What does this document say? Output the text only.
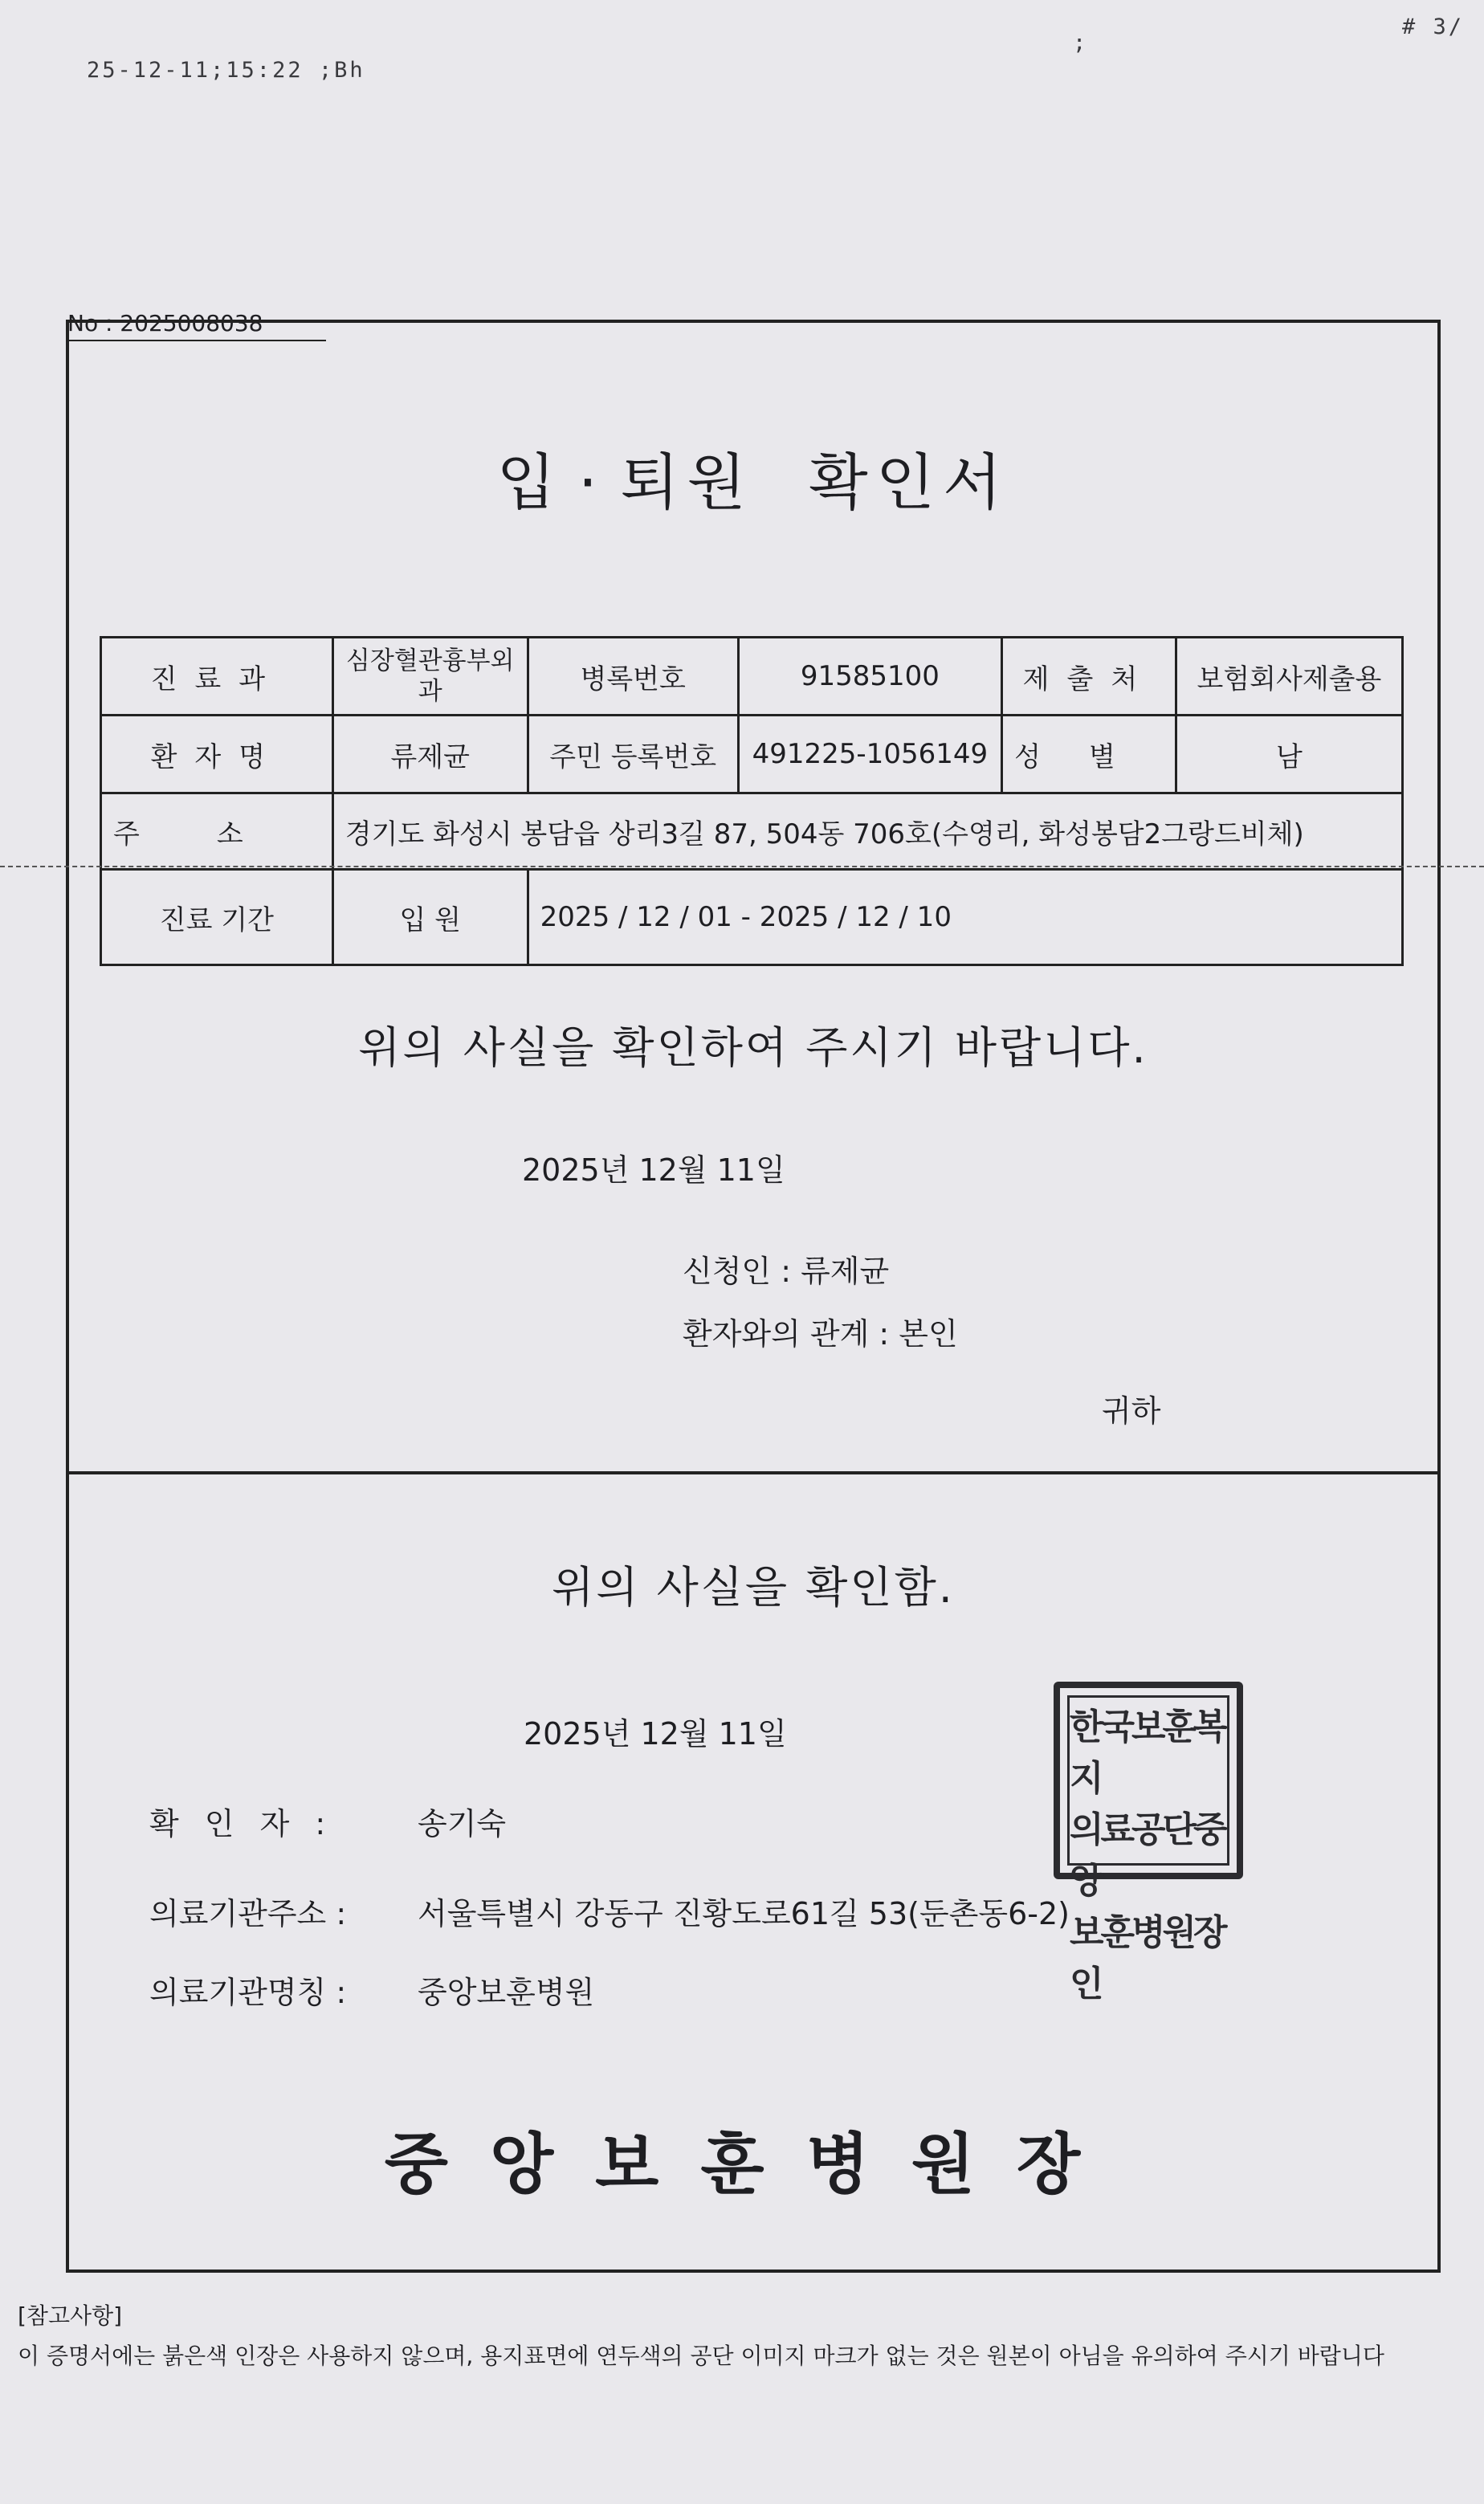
25-12-11;15:22 ;Bh
;
# 3/
No : 2025008038
입 · 퇴원 확인서
진료과	심장혈관흉부외과	병록번호	91585100	제출처	보험회사제출용
환자명	류제균	주민 등록번호	491225-1056149	성별	남
주소	경기도 화성시 봉담읍 상리3길 87, 504동 706호(수영리, 화성봉담2그랑드비체)				
진료 기간	입 원	2025 / 12 / 01 - 2025 / 12 / 10			
위의 사실을 확인하여 주시기 바랍니다.
2025년 12월 11일
신청인 : 류제균
환자와의 관계 : 본인
귀하
위의 사실을 확인함.
2025년 12월 11일
확 인 자 :	송기숙
의료기관주소 : 서울특별시 강동구 진황도로61길 53(둔촌동6-2)
의료기관명칭 : 중앙보훈병원
한국보훈복지
의료공단중앙
보훈병원장인
중앙보훈병원장
[참고사항]
이 증명서에는 붉은색 인장은 사용하지 않으며, 용지표면에 연두색의 공단 이미지 마크가 없는 것은 원본이 아님을 유의하여 주시기 바랍니다
